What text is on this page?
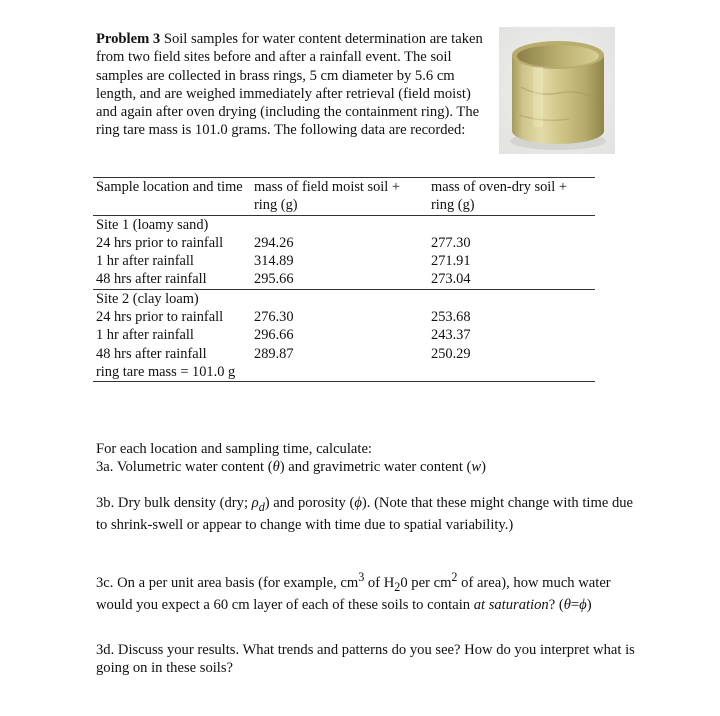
Problem 3 Soil samples for water content determination are taken from two field sites before and after a rainfall event. The soil samples are collected in brass rings, 5 cm diameter by 5.6 cm length, and are weighed immediately after retrieval (field moist) and again after oven drying (including the containment ring). The ring tare mass is 101.0 grams. The following data are recorded:
Sample location and time	mass of field moist soil + ring (g)	mass of oven-dry soil + ring (g)
Site 1 (loamy sand)		
24 hrs prior to rainfall	294.26	277.30
1 hr after rainfall	314.89	271.91
48 hrs after rainfall	295.66	273.04
Site 2 (clay loam)		
24 hrs prior to rainfall	276.30	253.68
1 hr after rainfall	296.66	243.37
48 hrs after rainfall	289.87	250.29
ring tare mass = 101.0 g		
For each location and sampling time, calculate:
3a. Volumetric water content (θ) and gravimetric water content (w)
3b. Dry bulk density (dry; $\rho_d$) and porosity (ϕ). (Note that these might change with time due to shrink-swell or appear to change with time due to spatial variability.)
3c. On a per unit area basis (for example, $cm^3$ of $H_20$ per $cm^2$ of area), how much water would you expect a 60 cm layer of each of these soils to contain at saturation? (θ=ϕ)
3d. Discuss your results. What trends and patterns do you see? How do you interpret what is going on in these soils?
